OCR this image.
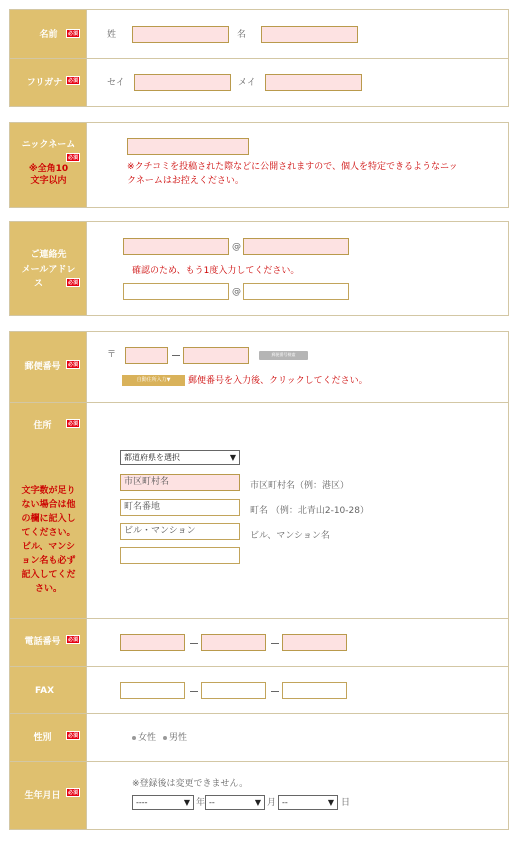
名前	必須	姓	名
フリガナ	必須	セイ	メイ
ニックネーム
必須
※全角10
文字以内
※クチコミを投稿された際などに公開されますので、個人を特定できるようなニッ
クネームはお控えください。
ご連絡先
メールアドレ
ス	必須
@
確認のため、もう1度入力してください。
@
郵便番号	必須
〒	郵便番号検索
自動住所入力▼	郵便番号を入力後、クリックしてください。
住所	必須
文字数が足り
ない場合は他
の欄に記入し
てください。
ビル、マンシ
ョン名も必ず
記入してくだ
さい。
都道府県を選択	▼
市区町村名	市区町村名（例：港区）
町名番地	町名 （例：北青山2-10-28）
ビル・マンション	ビル、マンション名
電話番号	必須
FAX
性別	必須	女性	男性
生年月日	必須
※登録後は変更できません。
----	▼ 年 --	▼ 月 --	▼ 日
